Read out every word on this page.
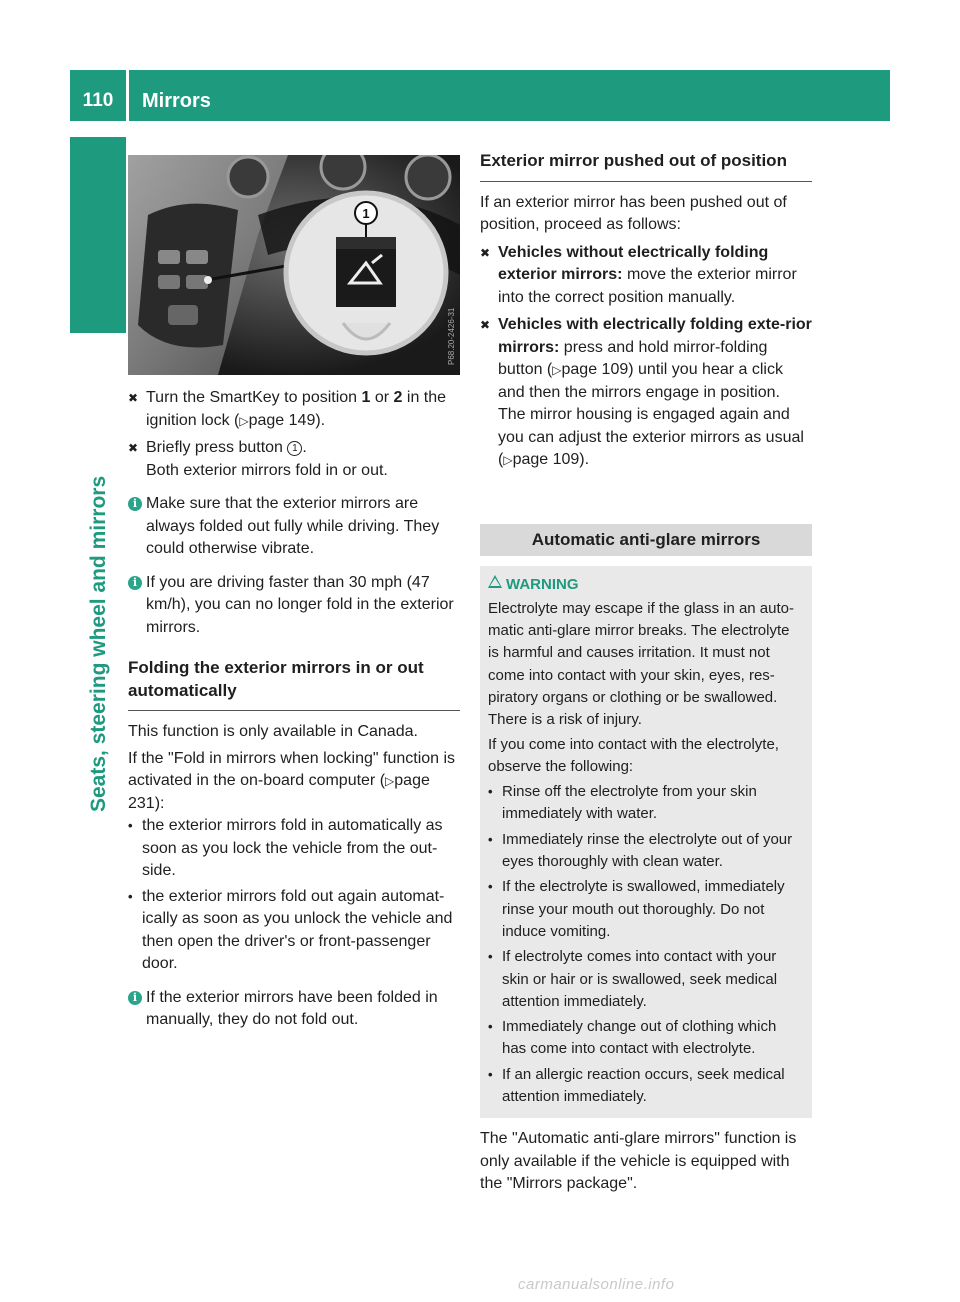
110	Mirrors
Seats, steering wheel and mirrors
1
P68.20-2426-31
✖ Turn the SmartKey to position 1 or 2 in the ignition lock (▷page 149).
✖ Briefly press button 1 .
Both exterior mirrors fold in or out.
i Make sure that the exterior mirrors are always folded out fully while driving. They could otherwise vibrate.
i If you are driving faster than 30 mph (47 km/h), you can no longer fold in the exterior mirrors.
Folding the exterior mirrors in or out automatically

This function is only available in Canada.

If the "Fold in mirrors when locking" function is activated in the on-board computer (▷page 231):

• the exterior mirrors fold in automatically as soon as you lock the vehicle from the out-side.
• the exterior mirrors fold out again automat-ically as soon as you unlock the vehicle and then open the driver's or front-passenger door.
i If the exterior mirrors have been folded in manually, they do not fold out.
Exterior mirror pushed out of position

If an exterior mirror has been pushed out of position, proceed as follows:

✖ Vehicles without electrically folding exterior mirrors: move the exterior mirror into the correct position manually.
✖ Vehicles with electrically folding exte-rior mirrors: press and hold mirror-folding button (▷page 109) until you hear a click and then the mirrors engage in position.
The mirror housing is engaged again and you can adjust the exterior mirrors as usual (▷page 109).
Automatic anti-glare mirrors
WARNING

Electrolyte may escape if the glass in an auto-matic anti-glare mirror breaks. The electrolyte is harmful and causes irritation. It must not come into contact with your skin, eyes, res-piratory organs or clothing or be swallowed. There is a risk of injury.

If you come into contact with the electrolyte, observe the following:

• Rinse off the electrolyte from your skin immediately with water.
• Immediately rinse the electrolyte out of your eyes thoroughly with clean water.
• If the electrolyte is swallowed, immediately rinse your mouth out thoroughly. Do not induce vomiting.
• If electrolyte comes into contact with your skin or hair or is swallowed, seek medical attention immediately.
• Immediately change out of clothing which has come into contact with electrolyte.
• If an allergic reaction occurs, seek medical attention immediately.

The "Automatic anti-glare mirrors" function is only available if the vehicle is equipped with the "Mirrors package".

carmanualsonline.info
